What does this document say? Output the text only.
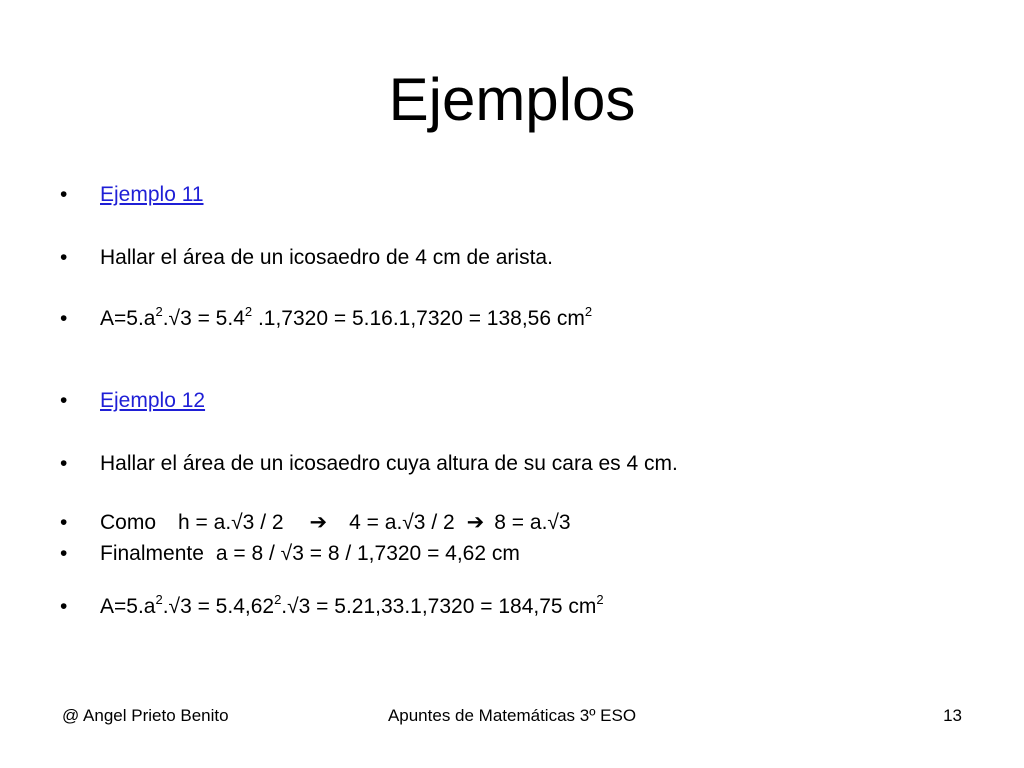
Ejemplos
•	Ejemplo 11
•	Hallar el área de un icosaedro de 4 cm de arista.
•	$A=5.a^2.√3 = 5.4^2$ .1,7320 = 5.16.1,7320 = 138,56 $cm^2$
•	Ejemplo 12
•	Hallar el área de un icosaedro cuya altura de su cara es 4 cm.
•	Como h = a.√3 / 2 ➔ 4 = a.√3 / 2 ➔ 8 = a.√3
•	Finalmente a = 8 / √3 = 8 / 1,7320 = 4,62 cm
•	$A=5.a^2.√3 = 5.4,62^2.√3 = 5.21,33.1,7320 = 184,75$ $cm^2$
@ Angel Prieto Benito	Apuntes de Matemáticas 3º ESO	13
